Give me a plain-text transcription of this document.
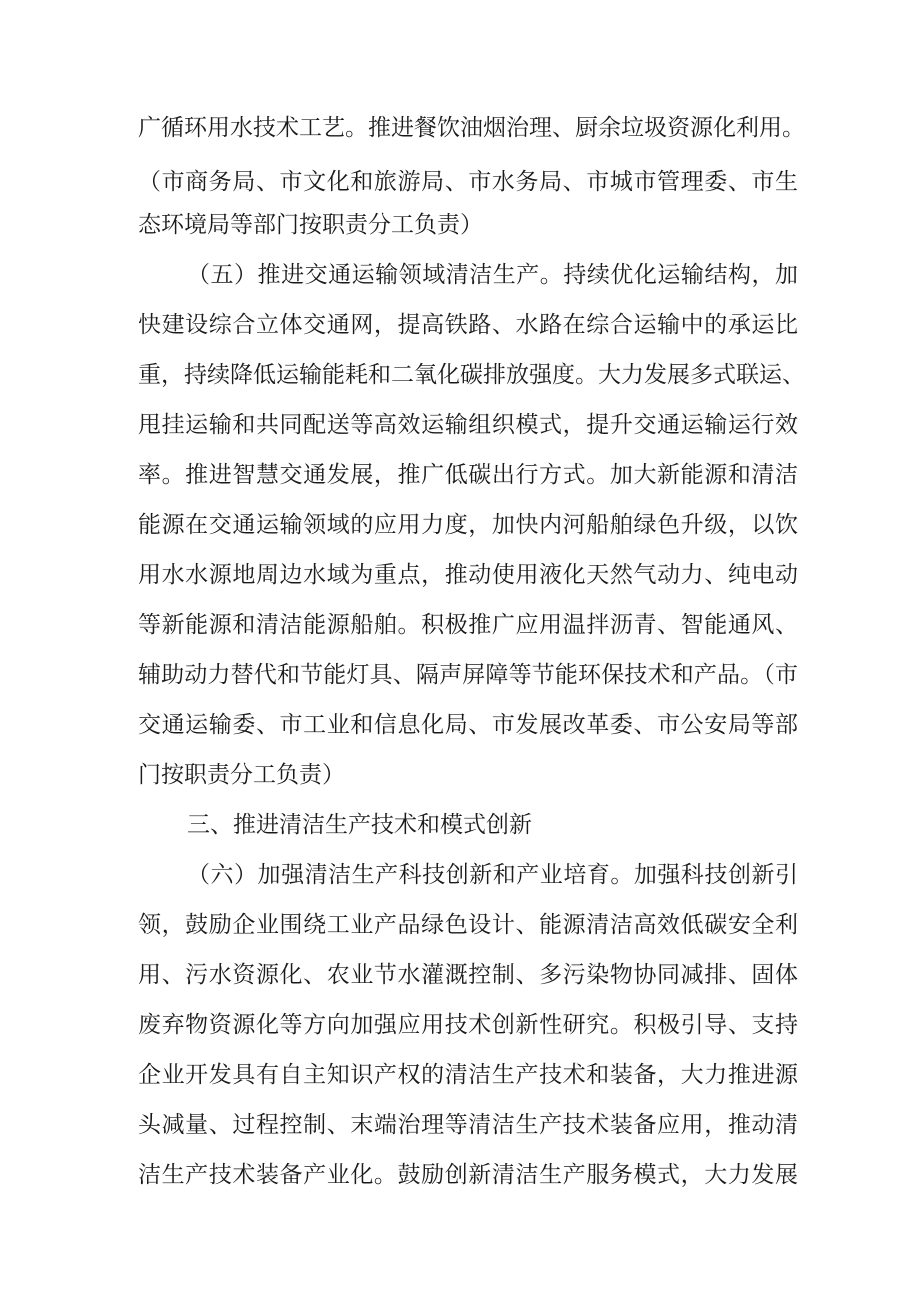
广循环用水技术工艺。推进餐饮油烟治理、厨余垃圾资源化利用。
（市商务局、市文化和旅游局、市水务局、市城市管理委、市生
态环境局等部门按职责分工负责）
（五）推进交通运输领域清洁生产。持续优化运输结构，加
快建设综合立体交通网，提高铁路、水路在综合运输中的承运比
重，持续降低运输能耗和二氧化碳排放强度。大力发展多式联运、
甩挂运输和共同配送等高效运输组织模式，提升交通运输运行效
率。推进智慧交通发展，推广低碳出行方式。加大新能源和清洁
能源在交通运输领域的应用力度，加快内河船舶绿色升级，以饮
用水水源地周边水域为重点，推动使用液化天然气动力、纯电动
等新能源和清洁能源船舶。积极推广应用温拌沥青、智能通风、
辅助动力替代和节能灯具、隔声屏障等节能环保技术和产品。（市
交通运输委、市工业和信息化局、市发展改革委、市公安局等部
门按职责分工负责）
三、推进清洁生产技术和模式创新
（六）加强清洁生产科技创新和产业培育。加强科技创新引
领，鼓励企业围绕工业产品绿色设计、能源清洁高效低碳安全利
用、污水资源化、农业节水灌溉控制、多污染物协同减排、固体
废弃物资源化等方向加强应用技术创新性研究。积极引导、支持
企业开发具有自主知识产权的清洁生产技术和装备，大力推进源
头减量、过程控制、末端治理等清洁生产技术装备应用，推动清
洁生产技术装备产业化。鼓励创新清洁生产服务模式，大力发展
